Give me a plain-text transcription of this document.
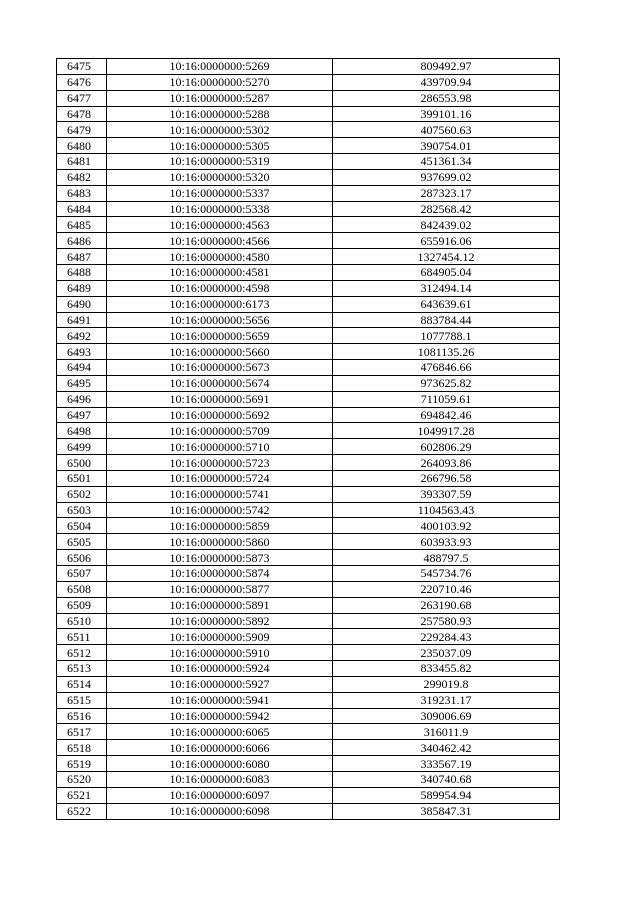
6475	10:16:0000000:5269	809492.97
6476	10:16:0000000:5270	439709.94
6477	10:16:0000000:5287	286553.98
6478	10:16:0000000:5288	399101.16
6479	10:16:0000000:5302	407560.63
6480	10:16:0000000:5305	390754.01
6481	10:16:0000000:5319	451361.34
6482	10:16:0000000:5320	937699.02
6483	10:16:0000000:5337	287323.17
6484	10:16:0000000:5338	282568.42
6485	10:16:0000000:4563	842439.02
6486	10:16:0000000:4566	655916.06
6487	10:16:0000000:4580	1327454.12
6488	10:16:0000000:4581	684905.04
6489	10:16:0000000:4598	312494.14
6490	10:16:0000000:6173	643639.61
6491	10:16:0000000:5656	883784.44
6492	10:16:0000000:5659	1077788.1
6493	10:16:0000000:5660	1081135.26
6494	10:16:0000000:5673	476846.66
6495	10:16:0000000:5674	973625.82
6496	10:16:0000000:5691	711059.61
6497	10:16:0000000:5692	694842.46
6498	10:16:0000000:5709	1049917.28
6499	10:16:0000000:5710	602806.29
6500	10:16:0000000:5723	264093.86
6501	10:16:0000000:5724	266796.58
6502	10:16:0000000:5741	393307.59
6503	10:16:0000000:5742	1104563.43
6504	10:16:0000000:5859	400103.92
6505	10:16:0000000:5860	603933.93
6506	10:16:0000000:5873	488797.5
6507	10:16:0000000:5874	545734.76
6508	10:16:0000000:5877	220710.46
6509	10:16:0000000:5891	263190.68
6510	10:16:0000000:5892	257580.93
6511	10:16:0000000:5909	229284.43
6512	10:16:0000000:5910	235037.09
6513	10:16:0000000:5924	833455.82
6514	10:16:0000000:5927	299019.8
6515	10:16:0000000:5941	319231.17
6516	10:16:0000000:5942	309006.69
6517	10:16:0000000:6065	316011.9
6518	10:16:0000000:6066	340462.42
6519	10:16:0000000:6080	333567.19
6520	10:16:0000000:6083	340740.68
6521	10:16:0000000:6097	589954.94
6522	10:16:0000000:6098	385847.31
